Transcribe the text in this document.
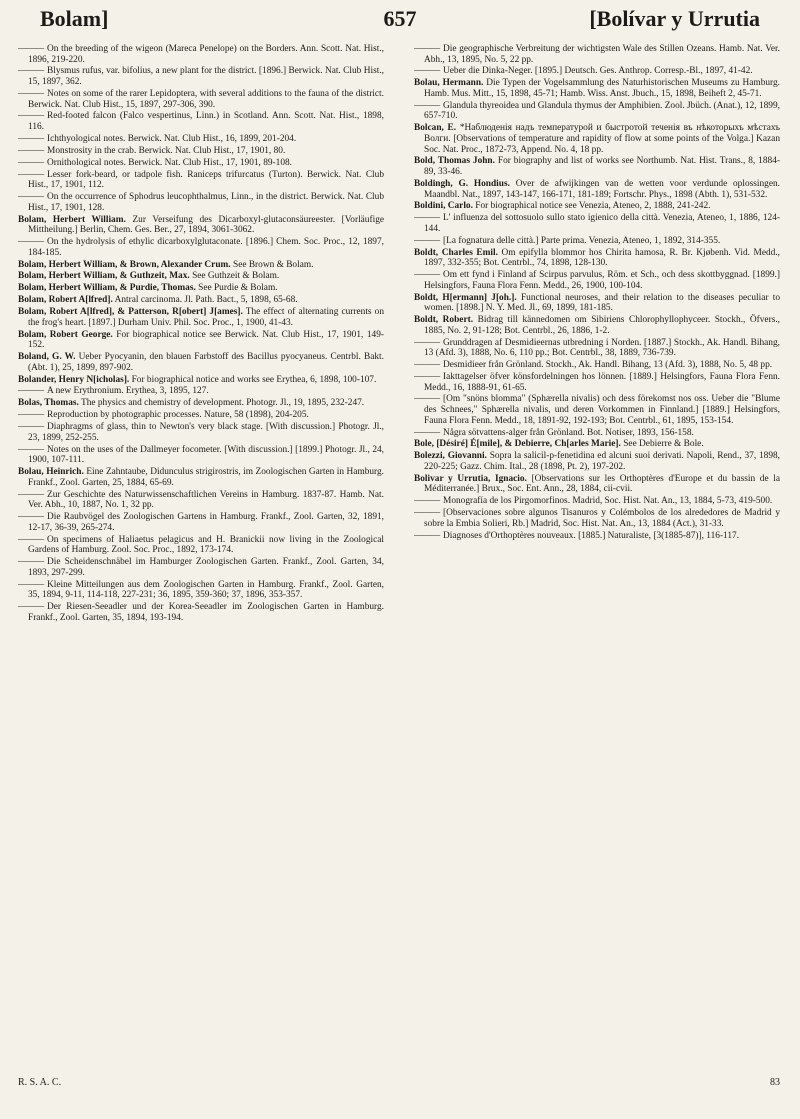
Bolam]	657	[Bolívar y Urrutia

——— On the breeding of the wigeon (Mareca Penelope) on the Borders. Ann. Scott. Nat. Hist., 1896, 219-220.

——— Blysmus rufus, var. bifolius, a new plant for the district. [1896.] Berwick. Nat. Club Hist., 15, 1897, 362.

——— Notes on some of the rarer Lepidoptera, with several additions to the fauna of the district. Berwick. Nat. Club Hist., 15, 1897, 297-306, 390.

——— Red-footed falcon (Falco vespertinus, Linn.) in Scotland. Ann. Scott. Nat. Hist., 1898, 116.

——— Ichthyological notes. Berwick. Nat. Club Hist., 16, 1899, 201-204.

——— Monstrosity in the crab. Berwick. Nat. Club Hist., 17, 1901, 80.

——— Ornithological notes. Berwick. Nat. Club Hist., 17, 1901, 89-108.

——— Lesser fork-beard, or tadpole fish. Raniceps trifurcatus (Turton). Berwick. Nat. Club Hist., 17, 1901, 112.

——— On the occurrence of Sphodrus leucophthalmus, Linn., in the district. Berwick. Nat. Club Hist., 17, 1901, 128.

Bolam, Herbert William. Zur Verseifung des Dicarboxyl-glutaconsäureester. [Vorläufige Mittheilung.] Berlin, Chem. Ges. Ber., 27, 1894, 3061-3062.

——— On the hydrolysis of ethylic dicarboxylglutaconate. [1896.] Chem. Soc. Proc., 12, 1897, 184-185.

Bolam, Herbert William, & Brown, Alexander Crum. See Brown & Bolam.

Bolam, Herbert William, & Guthzeit, Max. See Guthzeit & Bolam.

Bolam, Herbert William, & Purdie, Thomas. See Purdie & Bolam.

Bolam, Robert A[lfred]. Antral carcinoma. Jl. Path. Bact., 5, 1898, 65-68.

Bolam, Robert A[lfred], & Patterson, R[obert] J[ames]. The effect of alternating currents on the frog's heart. [1897.] Durham Univ. Phil. Soc. Proc., 1, 1900, 41-43.

Bolam, Robert George. For biographical notice see Berwick. Nat. Club Hist., 17, 1901, 149-152.

Boland, G. W. Ueber Pyocyanin, den blauen Farbstoff des Bacillus pyocyaneus. Centrbl. Bakt. (Abt. 1), 25, 1899, 897-902.

Bolander, Henry N[icholas]. For biographical notice and works see Erythea, 6, 1898, 100-107.

——— A new Erythronium. Erythea, 3, 1895, 127.

Bolas, Thomas. The physics and chemistry of development. Photogr. Jl., 19, 1895, 232-247.

——— Reproduction by photographic processes. Nature, 58 (1898), 204-205.

——— Diaphragms of glass, thin to Newton's very black stage. [With discussion.] Photogr. Jl., 23, 1899, 252-255.

——— Notes on the uses of the Dallmeyer focometer. [With discussion.] [1899.] Photogr. Jl., 24, 1900, 107-111.

Bolau, Heinrich. Eine Zahntaube, Didunculus strigirostris, im Zoologischen Garten in Hamburg. Frankf., Zool. Garten, 25, 1884, 65-69.

——— Zur Geschichte des Naturwissenschaftlichen Vereins in Hamburg. 1837-87. Hamb. Nat. Ver. Abh., 10, 1887, No. 1, 32 pp.

——— Die Raubvögel des Zoologischen Gartens in Hamburg. Frankf., Zool. Garten, 32, 1891, 12-17, 36-39, 265-274.

——— On specimens of Haliaetus pelagicus and H. Branickii now living in the Zoological Gardens of Hamburg. Zool. Soc. Proc., 1892, 173-174.

——— Die Scheidenschnäbel im Hamburger Zoologischen Garten. Frankf., Zool. Garten, 34, 1893, 297-299.

——— Kleine Mitteilungen aus dem Zoologischen Garten in Hamburg. Frankf., Zool. Garten, 35, 1894, 9-11, 114-118, 227-231; 36, 1895, 359-360; 37, 1896, 353-357.

——— Der Riesen-Seeadler und der Korea-Seeadler im Zoologischen Garten in Hamburg. Frankf., Zool. Garten, 35, 1894, 193-194.

——— Die geographische Verbreitung der wichtigsten Wale des Stillen Ozeans. Hamb. Nat. Ver. Abh., 13, 1895, No. 5, 22 pp.

——— Ueber die Dinka-Neger. [1895.] Deutsch. Ges. Anthrop. Corresp.-Bl., 1897, 41-42.

Bolau, Hermann. Die Typen der Vogelsammlung des Naturhistorischen Museums zu Hamburg. Hamb. Mus. Mitt., 15, 1898, 45-71; Hamb. Wiss. Anst. Jbuch., 15, 1898, Beiheft 2, 45-71.

——— Glandula thyreoidea und Glandula thymus der Amphibien. Zool. Jbüch. (Anat.), 12, 1899, 657-710.

Bolcan, E. *Наблюденія надъ температурой и быстротой теченія въ нѣкоторыхъ мѣстахъ Волги. [Observations of temperature and rapidity of flow at some points of the Volga.] Kazan Soc. Nat. Proc., 1872-73, Append. No. 4, 18 pp.

Bold, Thomas John. For biography and list of works see Northumb. Nat. Hist. Trans., 8, 1884-89, 33-46.

Boldingh, G. Hondius. Over de afwijkingen van de wetten voor verdunde oplossingen. Maandbl. Nat., 1897, 143-147, 166-171, 181-189; Fortschr. Phys., 1898 (Abth. 1), 531-532.

Boldini, Carlo. For biographical notice see Venezia, Ateneo, 2, 1888, 241-242.

——— L' influenza del sottosuolo sullo stato igienico della città. Venezia, Ateneo, 1, 1886, 124-144.

——— [La fognatura delle città.] Parte prima. Venezia, Ateneo, 1, 1892, 314-355.

Boldt, Charles Emil. Om epifylla blommor hos Chirita hamosa, R. Br. Kjøbenh. Vid. Medd., 1897, 332-355; Bot. Centrbl., 74, 1898, 128-130.

——— Om ett fynd i Finland af Scirpus parvulus, Röm. et Sch., och dess skottbyggnad. [1899.] Helsingfors, Fauna Flora Fenn. Medd., 26, 1900, 100-104.

Boldt, H[ermann] J[oh.]. Functional neuroses, and their relation to the diseases peculiar to women. [1898.] N. Y. Med. Jl., 69, 1899, 181-185.

Boldt, Robert. Bidrag till kännedomen om Sibiriens Chlorophyllophyceer. Stockh., Öfvers., 1885, No. 2, 91-128; Bot. Centrbl., 26, 1886, 1-2.

——— Grunddragen af Desmidieernas utbredning i Norden. [1887.] Stockh., Ak. Handl. Bihang, 13 (Afd. 3), 1888, No. 6, 110 pp.; Bot. Centrbl., 38, 1889, 736-739.

——— Desmidieer från Grönland. Stockh., Ak. Handl. Bihang, 13 (Afd. 3), 1888, No. 5, 48 pp.

——— Iakttagelser öfver könsfordelningen hos lönnen. [1889.] Helsingfors, Fauna Flora Fenn. Medd., 16, 1888-91, 61-65.

——— [Om "snöns blomma" (Sphærella nivalis) och dess förekomst nos oss. Ueber die "Blume des Schnees," Sphærella nivalis, und deren Vorkommen in Finnland.] [1889.] Helsingfors, Fauna Flora Fenn. Medd., 18, 1891-92, 192-193; Bot. Centrbl., 61, 1895, 153-154.

——— Några sötvattens-alger från Grönland. Bot. Notiser, 1893, 156-158.

Bole, [Désiré] É[mile], & Debierre, Ch[arles Marie]. See Debierre & Bole.

Bolezzi, Giovanni. Sopra la salicil-p-fenetidina ed alcuni suoi derivati. Napoli, Rend., 37, 1898, 220-225; Gazz. Chim. Ital., 28 (1898, Pt. 2), 197-202.

Bolivar y Urrutia, Ignacio. [Observations sur les Orthoptères d'Europe et du bassin de la Méditerranée.] Brux., Soc. Ent. Ann., 28, 1884, cii-cvii.

——— Monografía de los Pirgomorfinos. Madrid, Soc. Hist. Nat. An., 13, 1884, 5-73, 419-500.

——— [Observaciones sobre algunos Tisanuros y Colémbolos de los alrededores de Madrid y sobre la Embia Solieri, Rb.] Madrid, Soc. Hist. Nat. An., 13, 1884 (Act.), 31-33.

——— Diagnoses d'Orthoptères nouveaux. [1885.] Naturaliste, [3(1885-87)], 116-117.

R. S. A. C.	83
